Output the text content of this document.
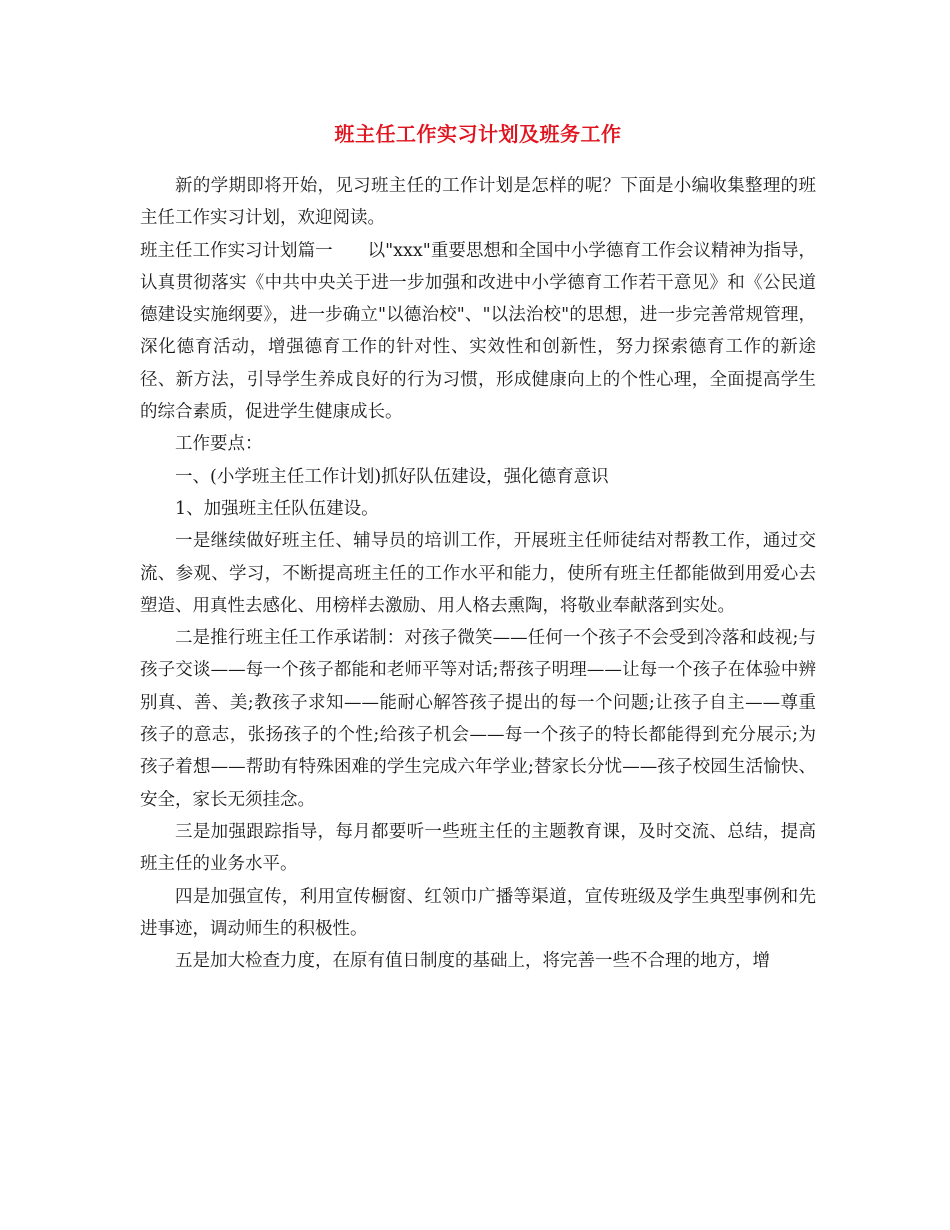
班主任工作实习计划及班务工作

新的学期即将开始，见习班主任的工作计划是怎样的呢？下面是小编收集整理的班主任工作实习计划，欢迎阅读。

班主任工作实习计划篇一　　以"xxx"重要思想和全国中小学德育工作会议精神为指导，认真贯彻落实《中共中央关于进一步加强和改进中小学德育工作若干意见》和《公民道德建设实施纲要》，进一步确立"以德治校"、"以法治校"的思想，进一步完善常规管理，深化德育活动，增强德育工作的针对性、实效性和创新性，努力探索德育工作的新途径、新方法，引导学生养成良好的行为习惯，形成健康向上的个性心理，全面提高学生的综合素质，促进学生健康成长。

工作要点：

一、(小学班主任工作计划)抓好队伍建设，强化德育意识

1、加强班主任队伍建设。

一是继续做好班主任、辅导员的培训工作，开展班主任师徒结对帮教工作，通过交流、参观、学习，不断提高班主任的工作水平和能力，使所有班主任都能做到用爱心去塑造、用真性去感化、用榜样去激励、用人格去熏陶，将敬业奉献落到实处。

二是推行班主任工作承诺制：对孩子微笑——任何一个孩子不会受到冷落和歧视;与孩子交谈——每一个孩子都能和老师平等对话;帮孩子明理——让每一个孩子在体验中辨别真、善、美;教孩子求知——能耐心解答孩子提出的每一个问题;让孩子自主——尊重孩子的意志，张扬孩子的个性;给孩子机会——每一个孩子的特长都能得到充分展示;为孩子着想——帮助有特殊困难的学生完成六年学业;替家长分忧——孩子校园生活愉快、安全，家长无须挂念。

三是加强跟踪指导，每月都要听一些班主任的主题教育课，及时交流、总结，提高班主任的业务水平。

四是加强宣传，利用宣传橱窗、红领巾广播等渠道，宣传班级及学生典型事例和先进事迹，调动师生的积极性。

五是加大检查力度，在原有值日制度的基础上，将完善一些不合理的地方，增
